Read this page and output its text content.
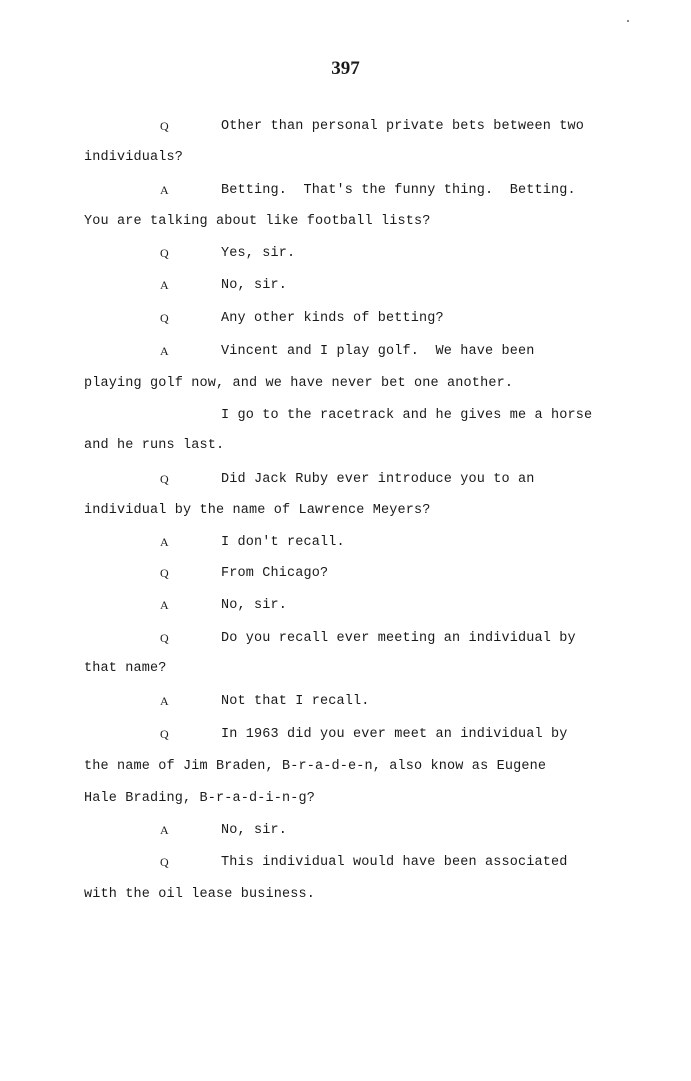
397
Q	Other than personal private bets between two
individuals?
A	Betting.  That's the funny thing.  Betting.
You are talking about like football lists?
Q	Yes, sir.
A	No, sir.
Q	Any other kinds of betting?
A	Vincent and I play golf.  We have been
playing golf now, and we have never bet one another.
I go to the racetrack and he gives me a horse
and he runs last.
Q	Did Jack Ruby ever introduce you to an
individual by the name of Lawrence Meyers?
A	I don't recall.
Q	From Chicago?
A	No, sir.
Q	Do you recall ever meeting an individual by
that name?
A	Not that I recall.
Q	In 1963 did you ever meet an individual by
the name of Jim Braden, B-r-a-d-e-n, also know as Eugene
Hale Brading, B-r-a-d-i-n-g?
A	No, sir.
Q	This individual would have been associated
with the oil lease business.
